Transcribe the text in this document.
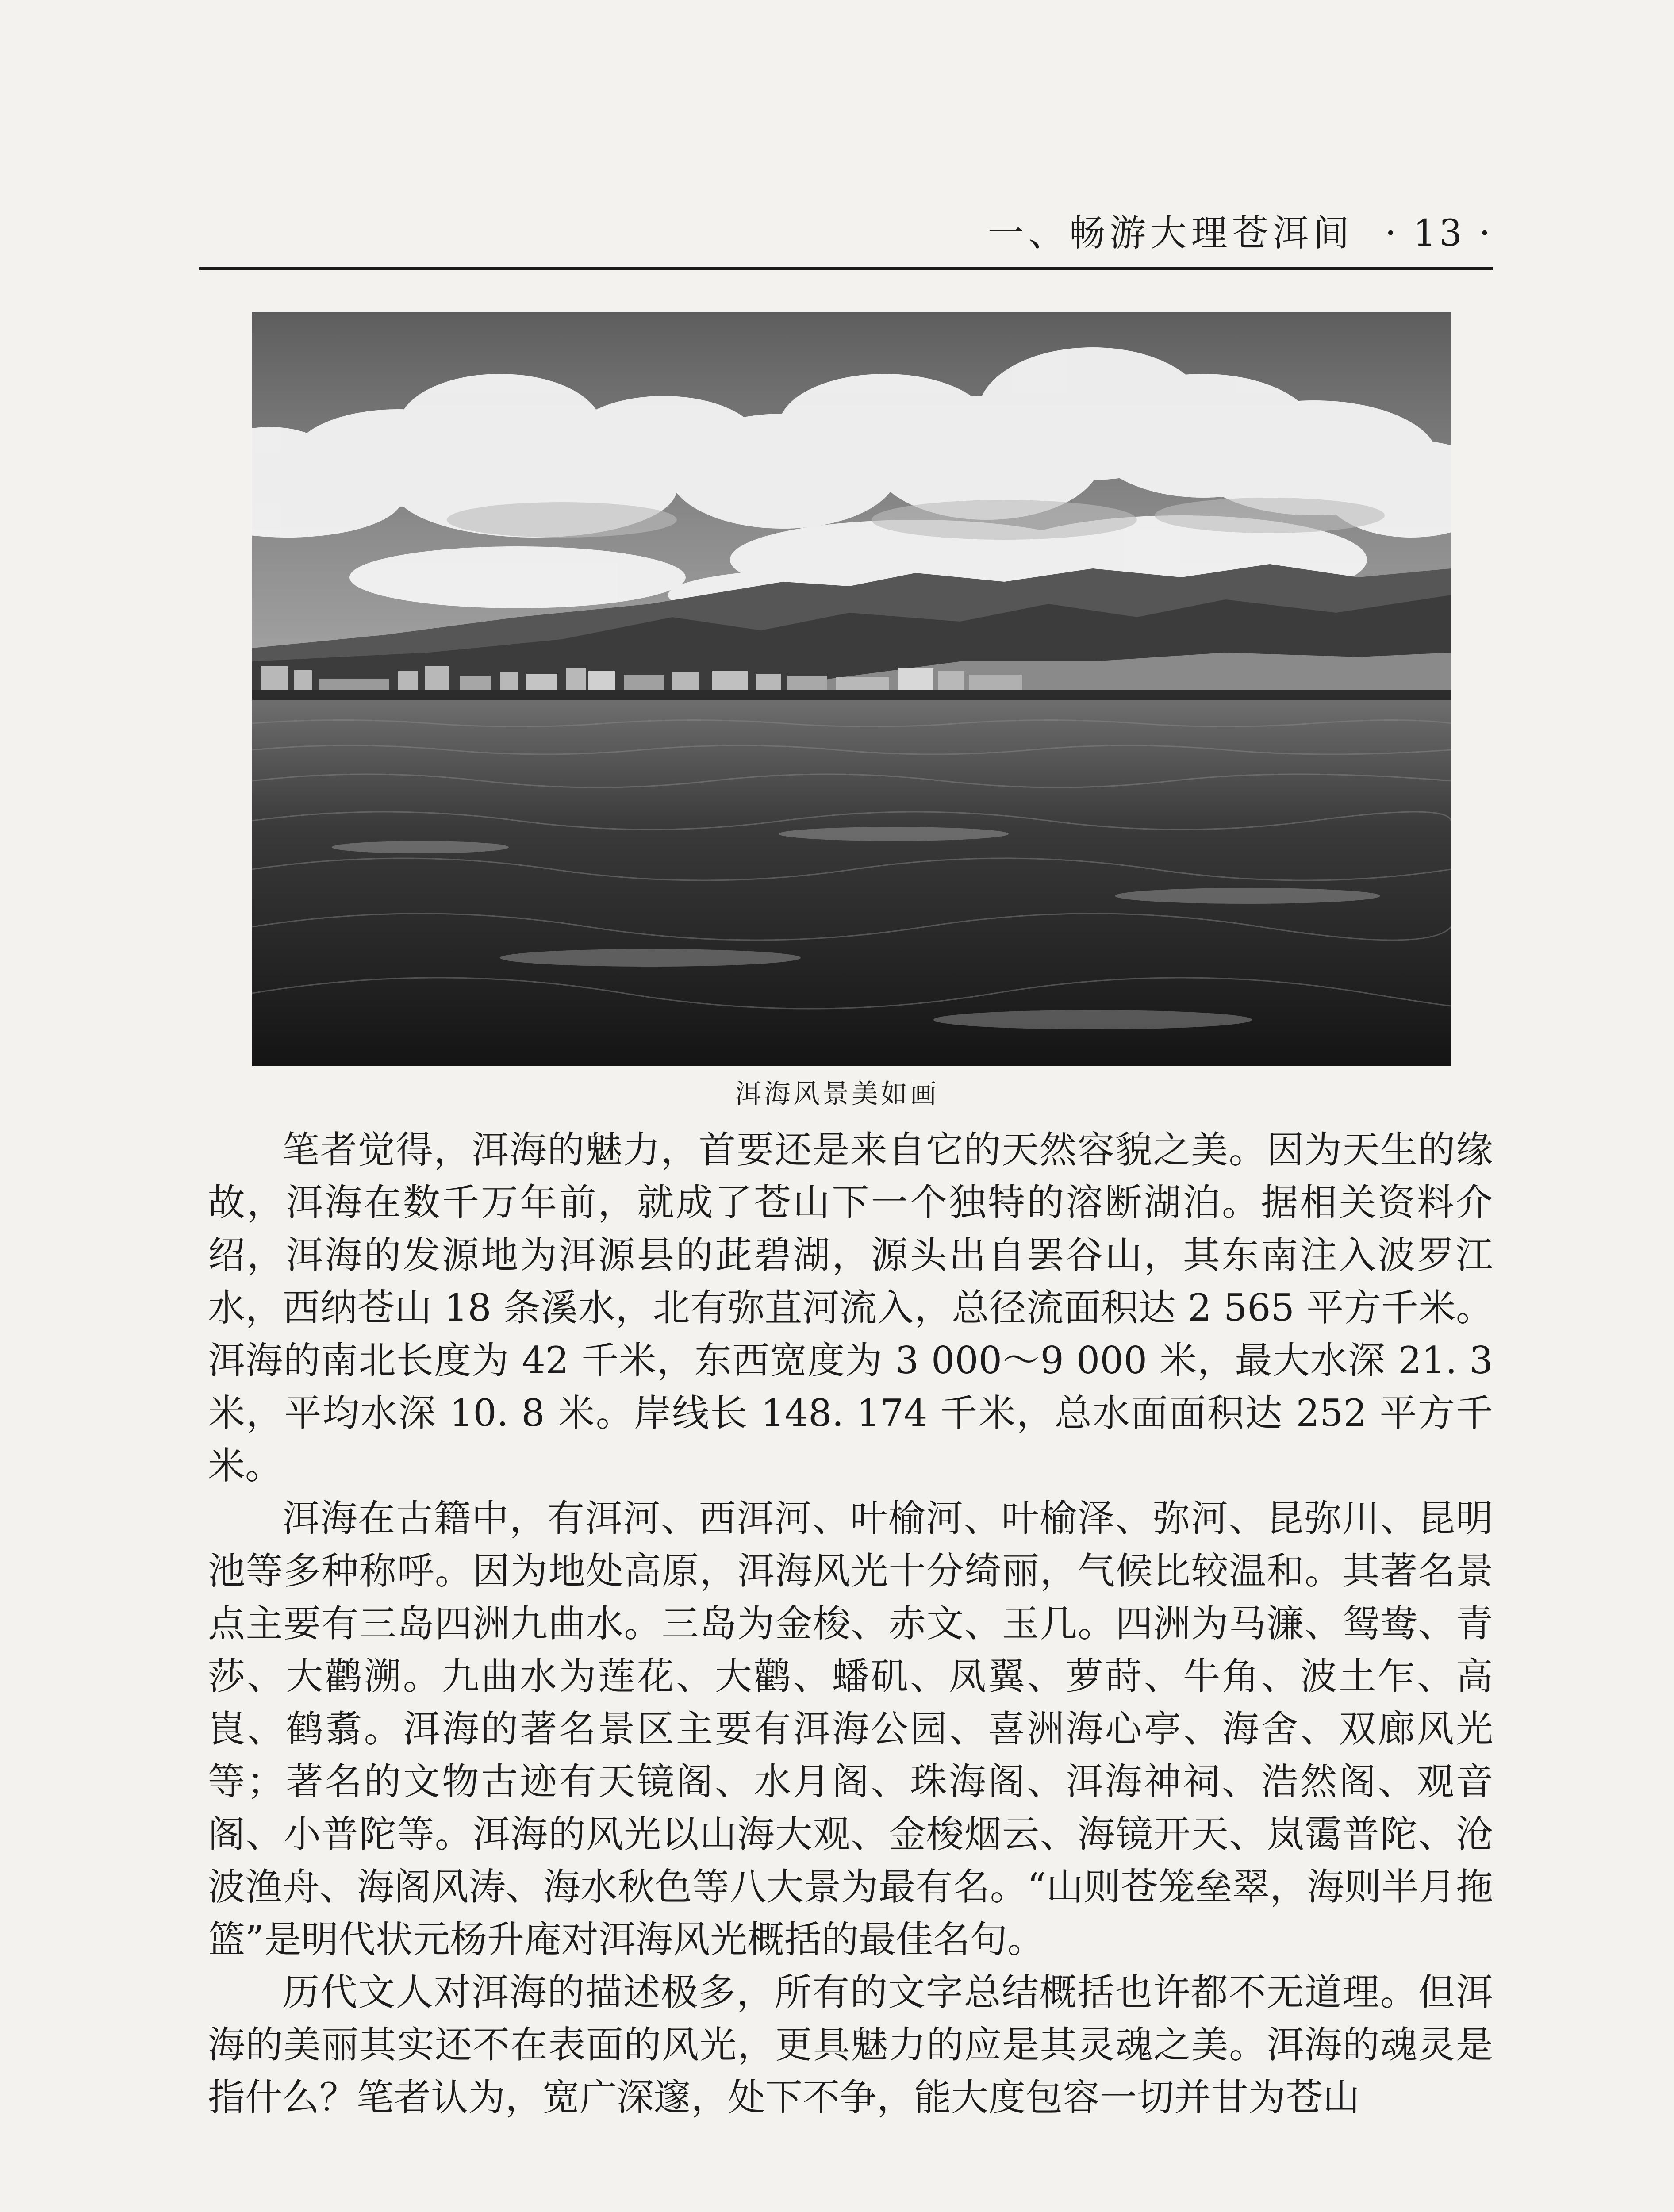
一、畅游大理苍洱间 · 13 ·
洱海风景美如画

笔者觉得，洱海的魅力，首要还是来自它的天然容貌之美。因为天生的缘故，洱海在数千万年前，就成了苍山下一个独特的溶断湖泊。据相关资料介绍，洱海的发源地为洱源县的茈碧湖，源头出自罢谷山，其东南注入波罗江水，西纳苍山 18 条溪水，北有弥苴河流入，总径流面积达 2 565 平方千米。洱海的南北长度为 42 千米，东西宽度为 3 000～9 000 米，最大水深 21. 3 米，平均水深 10. 8 米。岸线长 148. 174 千米，总水面面积达 252 平方千米。

洱海在古籍中，有洱河、西洱河、叶榆河、叶榆泽、弥河、昆弥川、昆明池等多种称呼。因为地处高原，洱海风光十分绮丽，气候比较温和。其著名景点主要有三岛四洲九曲水。三岛为金梭、赤文、玉几。四洲为马濂、鸳鸯、青莎、大鹳溯。九曲水为莲花、大鹳、蟠矶、凤翼、萝莳、牛角、波土乍、高崀、鹤翥。洱海的著名景区主要有洱海公园、喜洲海心亭、海舍、双廊风光等；著名的文物古迹有天镜阁、水月阁、珠海阁、洱海神祠、浩然阁、观音阁、小普陀等。洱海的风光以山海大观、金梭烟云、海镜开天、岚霭普陀、沧波渔舟、海阁风涛、海水秋色等八大景为最有名。“山则苍笼垒翠，海则半月拖篮”是明代状元杨升庵对洱海风光概括的最佳名句。

历代文人对洱海的描述极多，所有的文字总结概括也许都不无道理。但洱海的美丽其实还不在表面的风光，更具魅力的应是其灵魂之美。洱海的魂灵是指什么？笔者认为，宽广深邃，处下不争，能大度包容一切并甘为苍山
